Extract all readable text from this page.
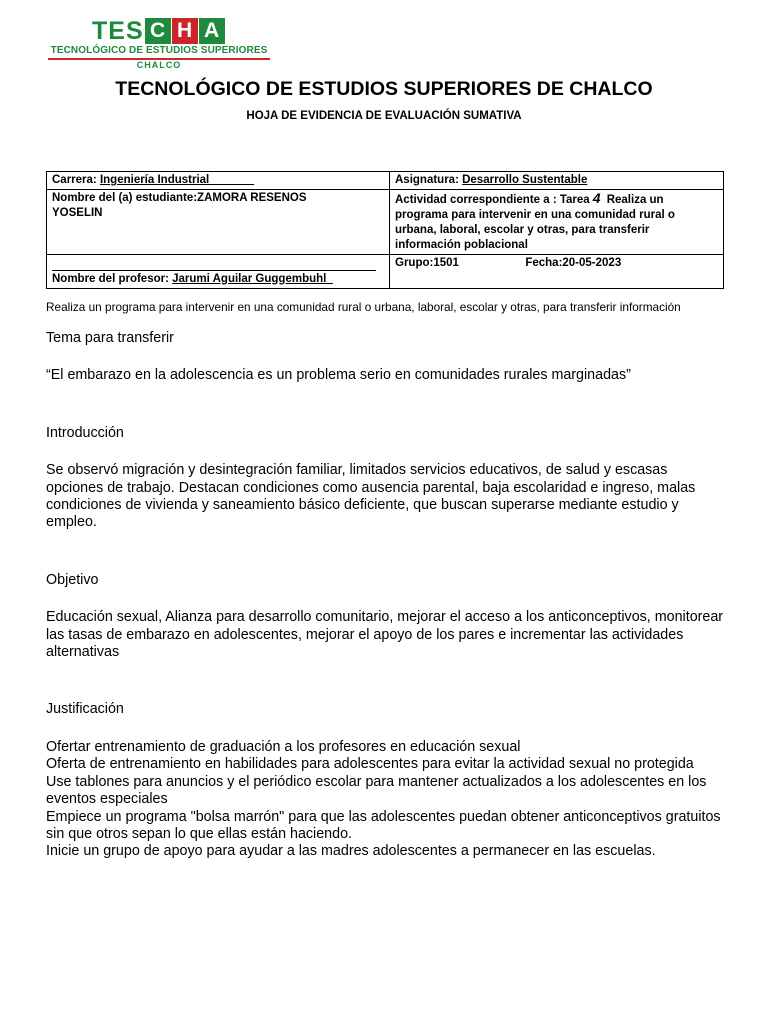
TES C H A
TECNOLÓGICO DE ESTUDIOS SUPERIORES
CHALCO
TECNOLÓGICO DE ESTUDIOS SUPERIORES DE CHALCO
HOJA DE EVIDENCIA DE EVALUACIÓN SUMATIVA
Carrera: Ingeniería Industrial_______	Asignatura: Desarrollo Sustentable

Nombre del (a) estudiante:ZAMORA RESENOS
YOSELIN	Actividad correspondiente a : Tarea 4 Realiza un programa para intervenir en una comunidad rural o urbana, laboral, escolar y otras, para transferir información poblacional

Nombre del profesor: Jarumi Aguilar Guggembuhl_	Grupo:1501 Fecha:20-05-2023
Realiza un programa para intervenir en una comunidad rural o urbana, laboral, escolar y otras, para transferir información

Tema para transferir

“El embarazo en la adolescencia es un problema serio en comunidades rurales marginadas”

Introducción

Se observó migración y desintegración familiar, limitados servicios educativos, de salud y escasas opciones de trabajo. Destacan condiciones como ausencia parental, baja escolaridad e ingreso, malas condiciones de vivienda y saneamiento básico deficiente, que buscan superarse mediante estudio y empleo.

Objetivo

Educación sexual, Alianza para desarrollo comunitario, mejorar el acceso a los anticonceptivos, monitorear las tasas de embarazo en adolescentes, mejorar el apoyo de los pares e incrementar las actividades alternativas

Justificación

Ofertar entrenamiento de graduación a los profesores en educación sexual

Oferta de entrenamiento en habilidades para adolescentes para evitar la actividad sexual no protegida

Use tablones para anuncios y el periódico escolar para mantener actualizados a los adolescentes en los eventos especiales

Empiece un programa "bolsa marrón" para que las adolescentes puedan obtener anticonceptivos gratuitos sin que otros sepan lo que ellas están haciendo.

Inicie un grupo de apoyo para ayudar a las madres adolescentes a permanecer en las escuelas.
